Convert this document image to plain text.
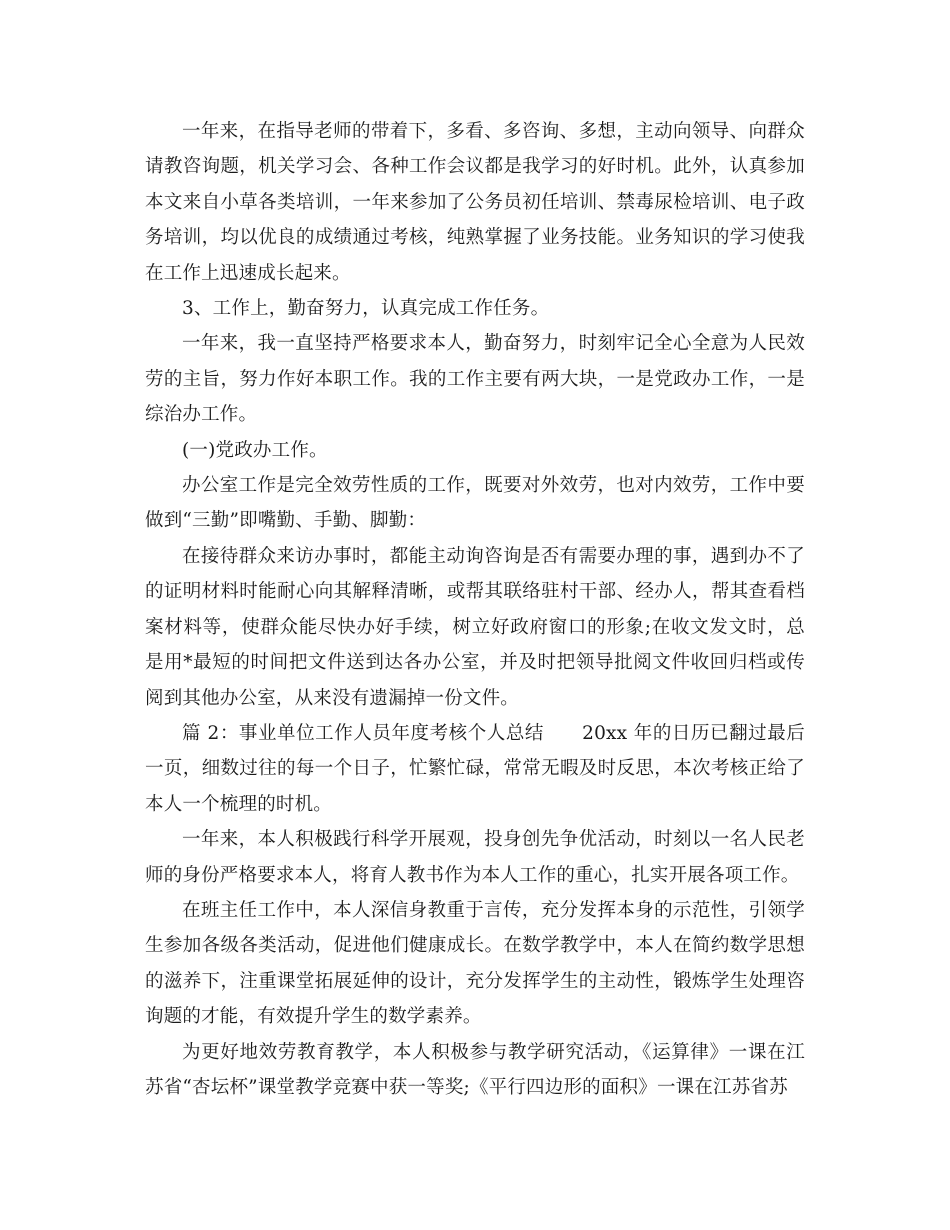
一年来，在指导老师的带着下，多看、多咨询、多想，主动向领导、向群众请教咨询题，机关学习会、各种工作会议都是我学习的好时机。此外，认真参加本文来自小草各类培训，一年来参加了公务员初任培训、禁毒尿检培训、电子政务培训，均以优良的成绩通过考核，纯熟掌握了业务技能。业务知识的学习使我在工作上迅速成长起来。

3、工作上，勤奋努力，认真完成工作任务。

一年来，我一直坚持严格要求本人，勤奋努力，时刻牢记全心全意为人民效劳的主旨，努力作好本职工作。我的工作主要有两大块，一是党政办工作，一是综治办工作。

(一)党政办工作。

办公室工作是完全效劳性质的工作，既要对外效劳，也对内效劳，工作中要做到“三勤”即嘴勤、手勤、脚勤：

在接待群众来访办事时，都能主动询咨询是否有需要办理的事，遇到办不了的证明材料时能耐心向其解释清晰，或帮其联络驻村干部、经办人，帮其查看档案材料等，使群众能尽快办好手续，树立好政府窗口的形象;在收文发文时，总是用*最短的时间把文件送到达各办公室，并及时把领导批阅文件收回归档或传阅到其他办公室，从来没有遗漏掉一份文件。

篇 2：事业单位工作人员年度考核个人总结　　20xx 年的日历已翻过最后一页，细数过往的每一个日子，忙繁忙碌，常常无暇及时反思，本次考核正给了本人一个梳理的时机。

一年来，本人积极践行科学开展观，投身创先争优活动，时刻以一名人民老师的身份严格要求本人，将育人教书作为本人工作的重心，扎实开展各项工作。

在班主任工作中，本人深信身教重于言传，充分发挥本身的示范性，引领学生参加各级各类活动，促进他们健康成长。在数学教学中，本人在简约数学思想的滋养下，注重课堂拓展延伸的设计，充分发挥学生的主动性，锻炼学生处理咨询题的才能，有效提升学生的数学素养。

为更好地效劳教育教学，本人积极参与教学研究活动，《运算律》一课在江苏省“杏坛杯”课堂教学竞赛中获一等奖;《平行四边形的面积》一课在江苏省苏
